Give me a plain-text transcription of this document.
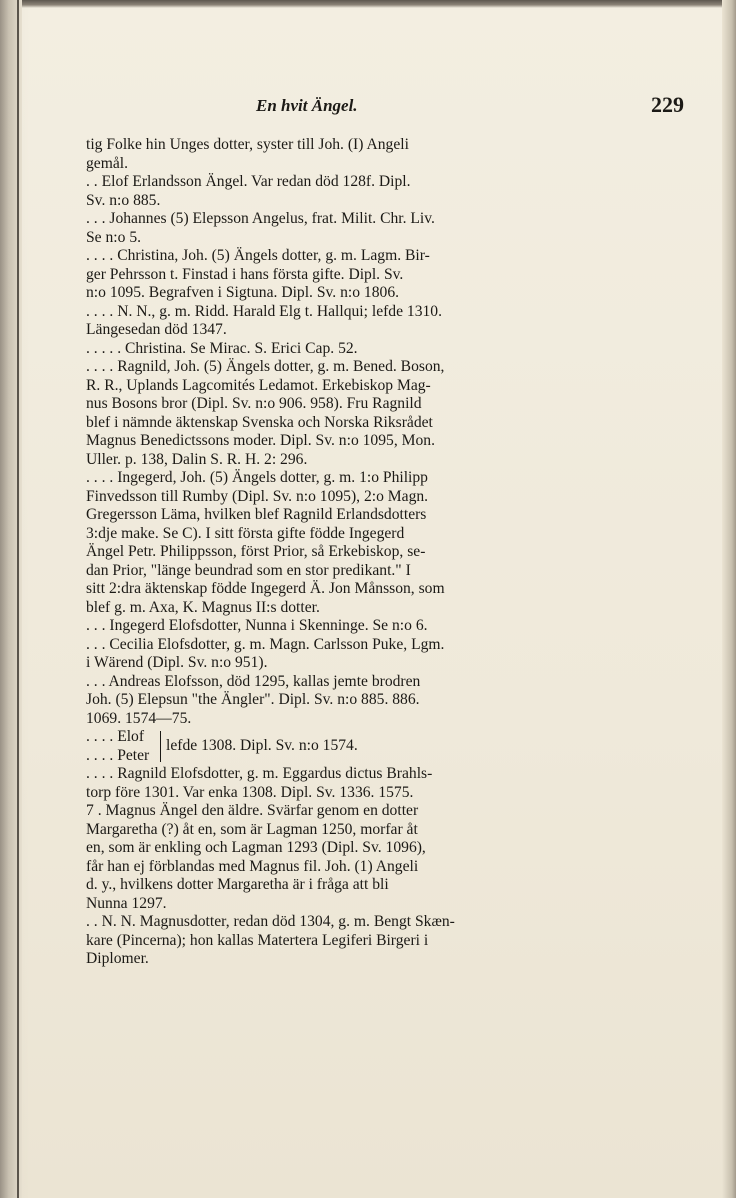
En hvit Ängel.	229
tig Folke hin Unges dotter, syster till Joh. (I) Angeli
gemål.
. . Elof Erlandsson Ängel. Var redan död 128f. Dipl.
Sv. n:o 885.
. . . Johannes (5) Elepsson Angelus, frat. Milit. Chr. Liv.
Se n:o 5.
. . . . Christina, Joh. (5) Ängels dotter, g. m. Lagm. Bir-
ger Pehrsson t. Finstad i hans första gifte. Dipl. Sv.
n:o 1095. Begrafven i Sigtuna. Dipl. Sv. n:o 1806.
. . . . N. N., g. m. Ridd. Harald Elg t. Hallqui; lefde 1310.
Längesedan död 1347.
. . . . . Christina. Se Mirac. S. Erici Cap. 52.
. . . . Ragnild, Joh. (5) Ängels dotter, g. m. Bened. Boson,
R. R., Uplands Lagcomités Ledamot. Erkebiskop Mag-
nus Bosons bror (Dipl. Sv. n:o 906. 958). Fru Ragnild
blef i nämnde äktenskap Svenska och Norska Riksrådet
Magnus Benedictssons moder. Dipl. Sv. n:o 1095, Mon.
Uller. p. 138, Dalin S. R. H. 2: 296.
. . . . Ingegerd, Joh. (5) Ängels dotter, g. m. 1:o Philipp
Finvedsson till Rumby (Dipl. Sv. n:o 1095), 2:o Magn.
Gregersson Läma, hvilken blef Ragnild Erlandsdotters
3:dje make. Se C). I sitt första gifte födde Ingegerd
Ängel Petr. Philippsson, först Prior, så Erkebiskop, se-
dan Prior, "länge beundrad som en stor predikant." I
sitt 2:dra äktenskap födde Ingegerd Ä. Jon Månsson, som
blef g. m. Axa, K. Magnus II:s dotter.
. . . Ingegerd Elofsdotter, Nunna i Skenninge. Se n:o 6.
. . . Cecilia Elofsdotter, g. m. Magn. Carlsson Puke, Lgm.
i Wärend (Dipl. Sv. n:o 951).
. . . Andreas Elofsson, död 1295, kallas jemte brodren
Joh. (5) Elepsun "the Ängler". Dipl. Sv. n:o 885. 886.
1069. 1574—75.
. . . . Elof
. . . . Peter
lefde 1308. Dipl. Sv. n:o 1574.
. . . . Ragnild Elofsdotter, g. m. Eggardus dictus Brahls-
torp före 1301. Var enka 1308. Dipl. Sv. 1336. 1575.
7 . Magnus Ängel den äldre. Svärfar genom en dotter
Margaretha (?) åt en, som är Lagman 1250, morfar åt
en, som är enkling och Lagman 1293 (Dipl. Sv. 1096),
får han ej förblandas med Magnus fil. Joh. (1) Angeli
d. y., hvilkens dotter Margaretha är i fråga att bli
Nunna 1297.
. . N. N. Magnusdotter, redan död 1304, g. m. Bengt Skæn-
kare (Pincerna); hon kallas Matertera Legiferi Birgeri i
Diplomer.
